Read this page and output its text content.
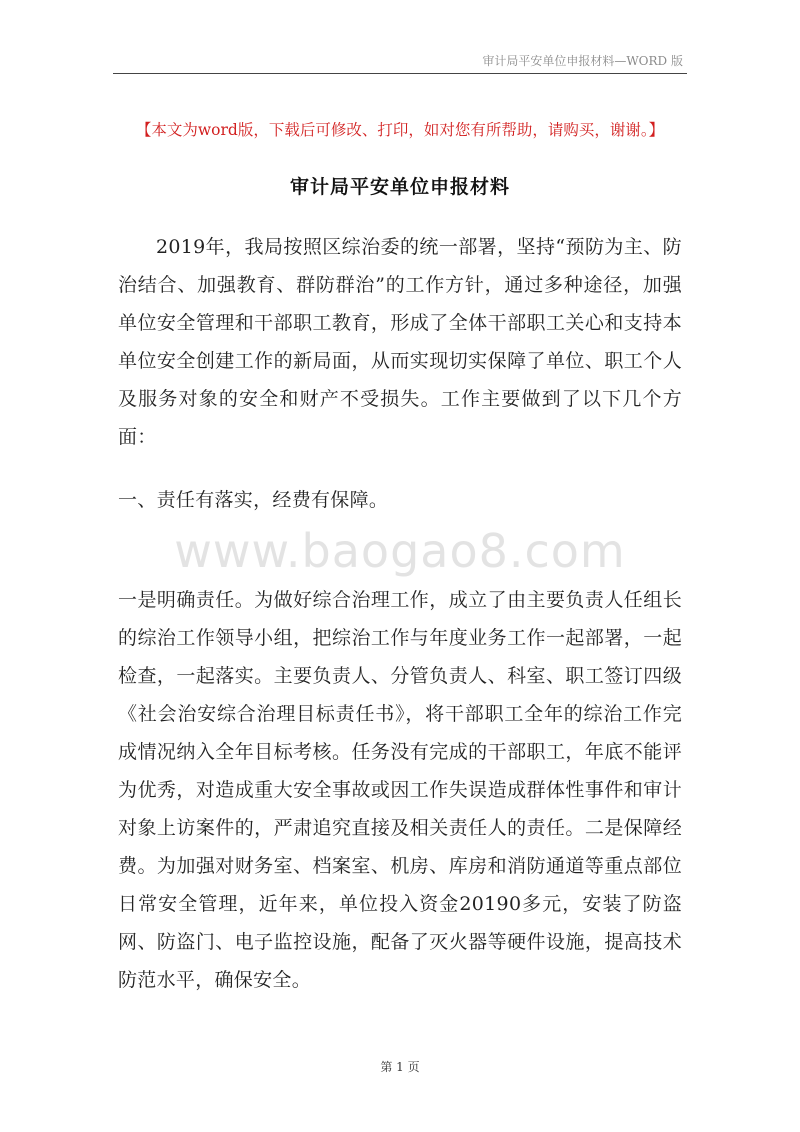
审计局平安单位申报材料—WORD 版
【本文为word版，下载后可修改、打印，如对您有所帮助，请购买，谢谢。】
审计局平安单位申报材料
2019年，我局按照区综治委的统一部署，坚持“预防为主、防治结合、加强教育、群防群治”的工作方针，通过多种途径，加强单位安全管理和干部职工教育，形成了全体干部职工关心和支持本单位安全创建工作的新局面，从而实现切实保障了单位、职工个人及服务对象的安全和财产不受损失。工作主要做到了以下几个方面：
一、责任有落实，经费有保障。
www.baogao8.com
一是明确责任。为做好综合治理工作，成立了由主要负责人任组长的综治工作领导小组，把综治工作与年度业务工作一起部署，一起检查，一起落实。主要负责人、分管负责人、科室、职工签订四级《社会治安综合治理目标责任书》，将干部职工全年的综治工作完成情况纳入全年目标考核。任务没有完成的干部职工，年底不能评为优秀，对造成重大安全事故或因工作失误造成群体性事件和审计对象上访案件的，严肃追究直接及相关责任人的责任。二是保障经费。为加强对财务室、档案室、机房、库房和消防通道等重点部位日常安全管理，近年来，单位投入资金20190多元，安装了防盗网、防盗门、电子监控设施，配备了灭火器等硬件设施，提高技术防范水平，确保安全。
第 1 页
